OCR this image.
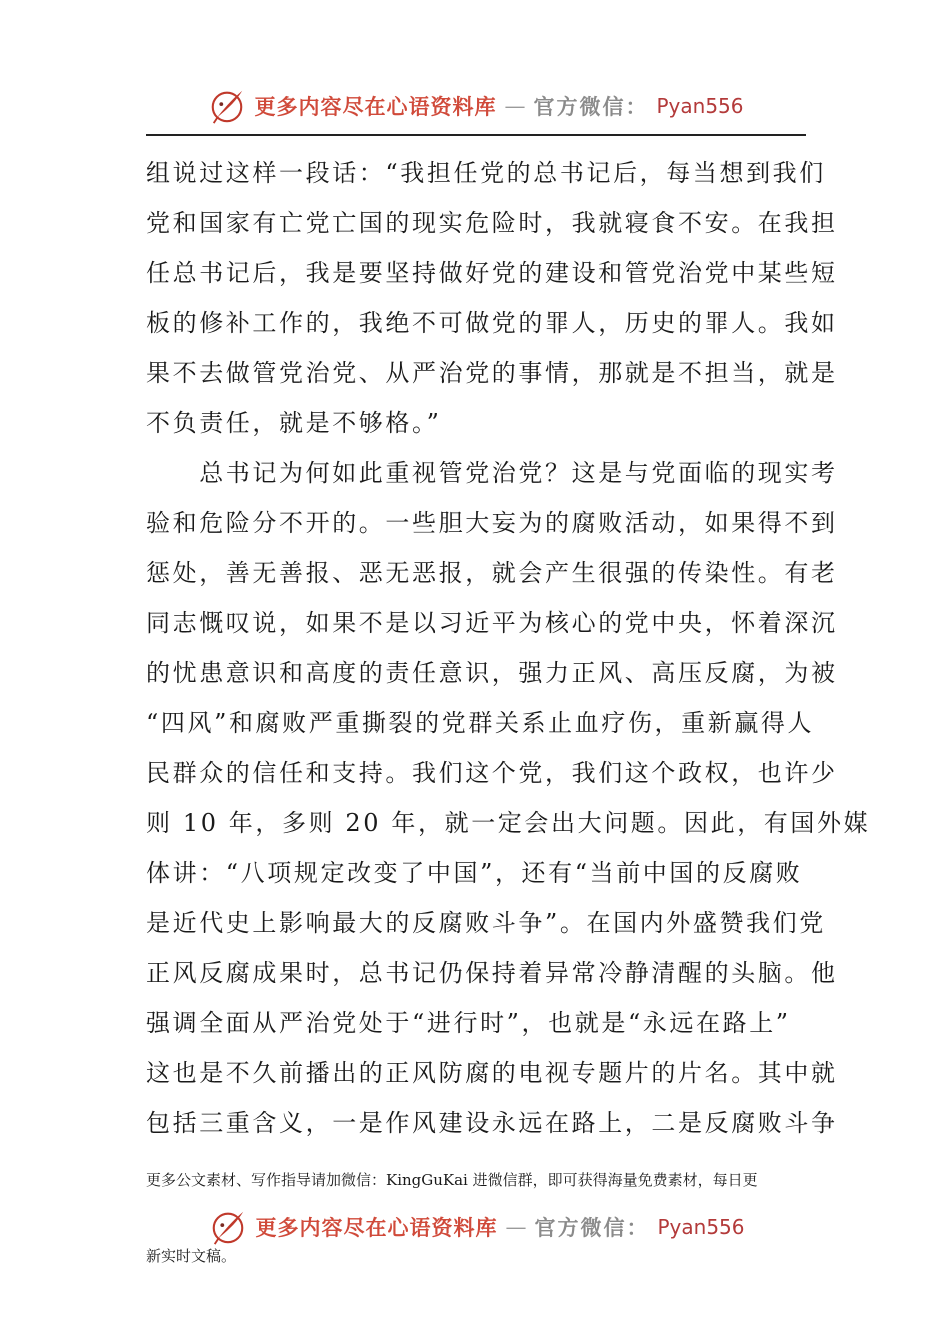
更多内容尽在心语资料库 — 官方微信： Pyan556
组说过这样一段话：“我担任党的总书记后，每当想到我们
党和国家有亡党亡国的现实危险时，我就寝食不安。在我担
任总书记后，我是要坚持做好党的建设和管党治党中某些短
板的修补工作的，我绝不可做党的罪人，历史的罪人。我如
果不去做管党治党、从严治党的事情，那就是不担当，就是
不负责任，就是不够格。”
　　总书记为何如此重视管党治党？这是与党面临的现实考
验和危险分不开的。一些胆大妄为的腐败活动，如果得不到
惩处，善无善报、恶无恶报，就会产生很强的传染性。有老
同志慨叹说，如果不是以习近平为核心的党中央，怀着深沉
的忧患意识和高度的责任意识，强力正风、高压反腐，为被
“四风”和腐败严重撕裂的党群关系止血疗伤，重新赢得人
民群众的信任和支持。我们这个党，我们这个政权，也许少
则 10 年，多则 20 年，就一定会出大问题。因此，有国外媒
体讲：“八项规定改变了中国”，还有“当前中国的反腐败
是近代史上影响最大的反腐败斗争”。在国内外盛赞我们党
正风反腐成果时，总书记仍保持着异常冷静清醒的头脑。他
强调全面从严治党处于“进行时”，也就是“永远在路上”
这也是不久前播出的正风防腐的电视专题片的片名。其中就
包括三重含义，一是作风建设永远在路上，二是反腐败斗争
更多公文素材、写作指导请加微信：KingGuKai 进微信群，即可获得海量免费素材，每日更
更多内容尽在心语资料库 — 官方微信： Pyan556
新实时文稿。
